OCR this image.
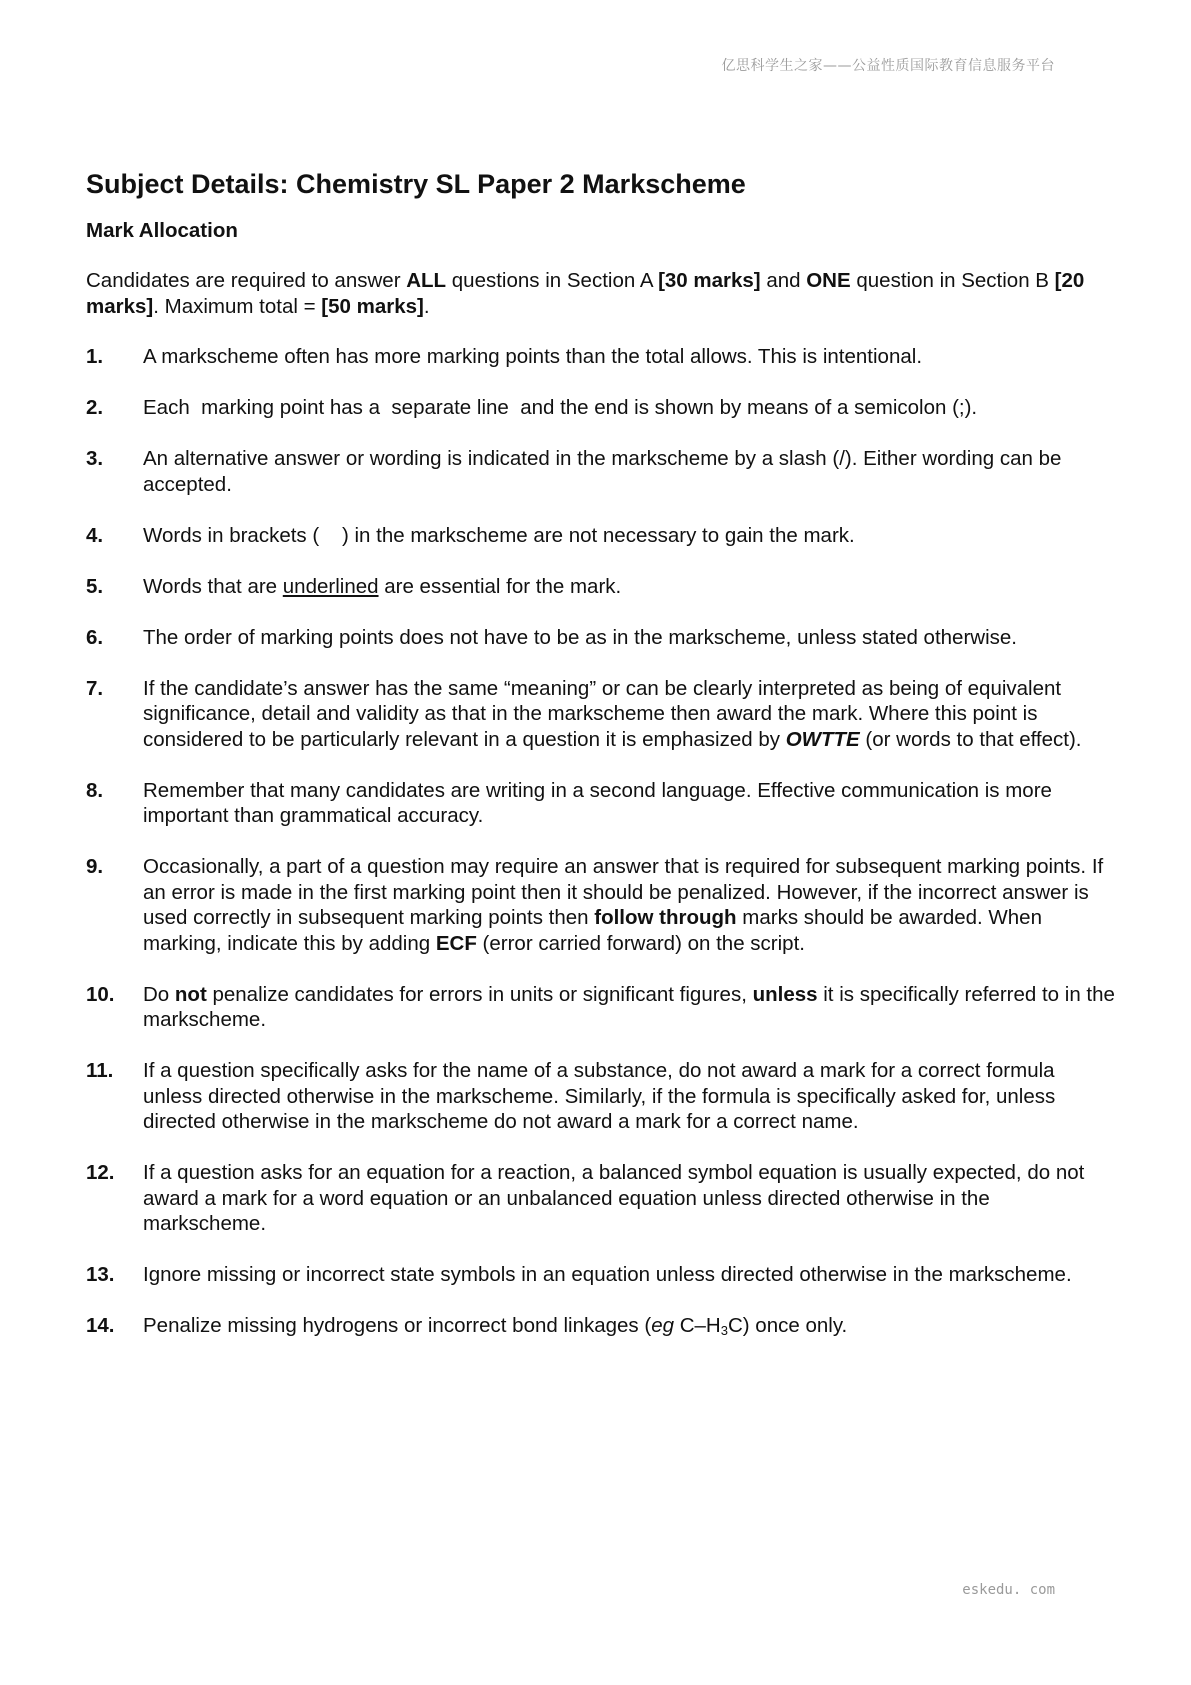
亿思科学生之家——公益性质国际教育信息服务平台
Subject Details: Chemistry SL Paper 2 Markscheme
Mark Allocation

Candidates are required to answer ALL questions in Section A [30 marks] and ONE question in Section B [20 marks]. Maximum total = [50 marks].

1.	A markscheme often has more marking points than the total allows. This is intentional.
2.	Each  marking point has a  separate line  and the end is shown by means of a semicolon (;).
3.	An alternative answer or wording is indicated in the markscheme by a slash (/). Either wording can be accepted.
4.	Words in brackets (    ) in the markscheme are not necessary to gain the mark.
5.	Words that are underlined are essential for the mark.
6.	The order of marking points does not have to be as in the markscheme, unless stated otherwise.
7.	If the candidate’s answer has the same “meaning” or can be clearly interpreted as being of equivalent significance, detail and validity as that in the markscheme then award the mark. Where this point is considered to be particularly relevant in a question it is emphasized by OWTTE (or words to that effect).
8.	Remember that many candidates are writing in a second language. Effective communication is more important than grammatical accuracy.
9.	Occasionally, a part of a question may require an answer that is required for subsequent marking points. If an error is made in the first marking point then it should be penalized. However, if the incorrect answer is used correctly in subsequent marking points then follow through marks should be awarded. When marking, indicate this by adding ECF (error carried forward) on the script.
10.	Do not penalize candidates for errors in units or significant figures, unless it is specifically referred to in the markscheme.
11.	If a question specifically asks for the name of a substance, do not award a mark for a correct formula unless directed otherwise in the markscheme. Similarly, if the formula is specifically asked for, unless directed otherwise in the markscheme do not award a mark for a correct name.
12.	If a question asks for an equation for a reaction, a balanced symbol equation is usually expected, do not award a mark for a word equation or an unbalanced equation unless directed otherwise in the markscheme.
13.	Ignore missing or incorrect state symbols in an equation unless directed otherwise in the markscheme.
14.	Penalize missing hydrogens or incorrect bond linkages (eg $C-H_3C$) once only.
eskedu. com
